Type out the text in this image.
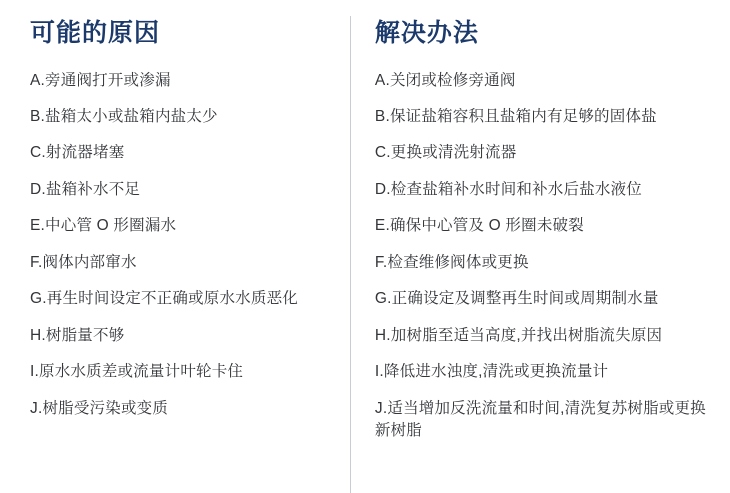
可能的原因
A.旁通阀打开或渗漏
B.盐箱太小或盐箱内盐太少
C.射流器堵塞
D.盐箱补水不足
E.中心管 O 形圈漏水
F.阀体内部窜水
G.再生时间设定不正确或原水水质恶化
H.树脂量不够
I.原水水质差或流量计叶轮卡住
J.树脂受污染或变质
解决办法
A.关闭或检修旁通阀
B.保证盐箱容积且盐箱内有足够的固体盐
C.更换或清洗射流器
D.检查盐箱补水时间和补水后盐水液位
E.确保中心管及 O 形圈未破裂
F.检查维修阀体或更换
G.正确设定及调整再生时间或周期制水量
H.加树脂至适当高度,并找出树脂流失原因
I.降低进水浊度,清洗或更换流量计
J.适当增加反洗流量和时间,清洗复苏树脂或更换新树脂
